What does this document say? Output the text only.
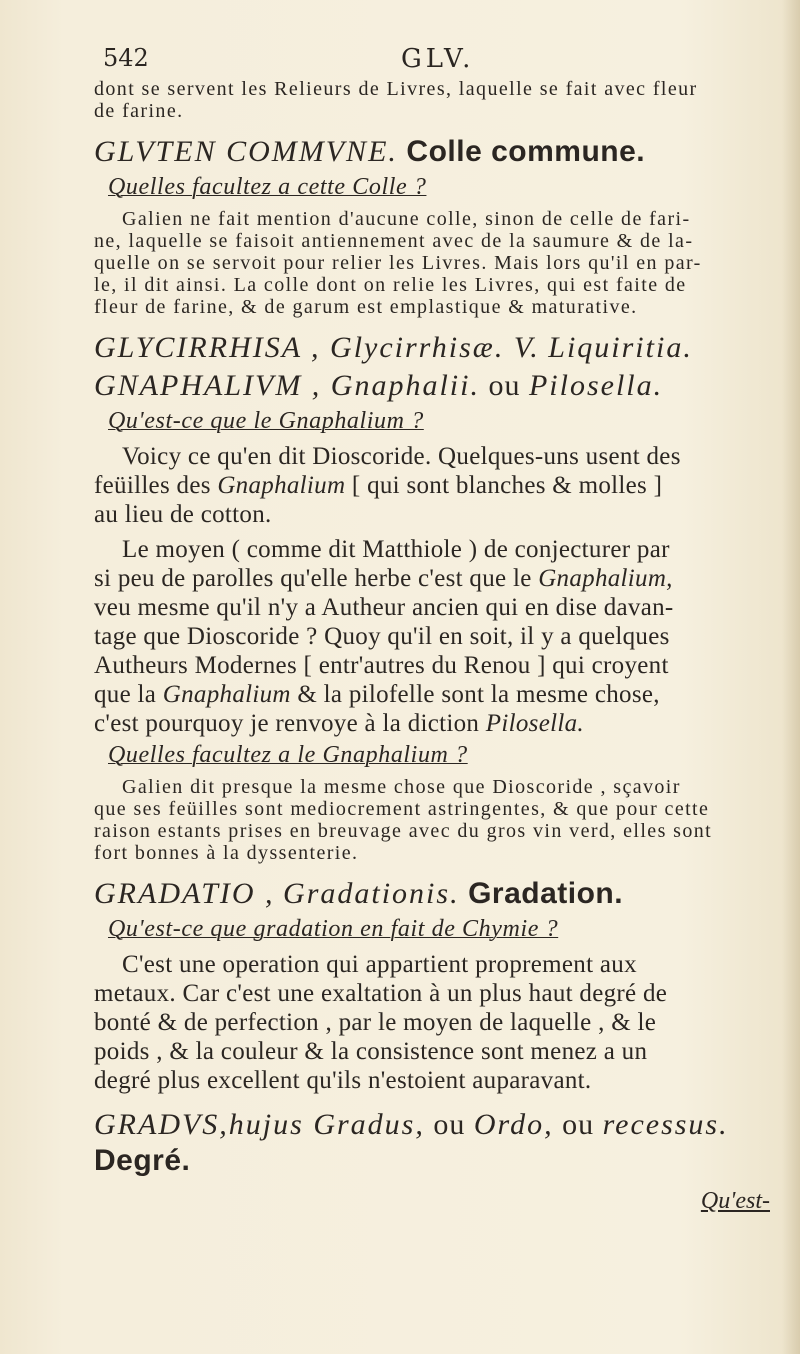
542	GLV.

dont se servent les Relieurs de Livres, laquelle se fait avec fleur

de farine.

GLVTEN COMMVNE. Colle commune.

Quelles facultez a cette Colle ?

Galien ne fait mention d'aucune colle, sinon de celle de fari-

ne, laquelle se faisoit antiennement avec de la saumure & de la-

quelle on se servoit pour relier les Livres. Mais lors qu'il en par-

le, il dit ainsi. La colle dont on relie les Livres, qui est faite de

fleur de farine, & de garum est emplastique & maturative.

GLYCIRRHISA , Glycirrhisæ. V. Liquiritia.

GNAPHALIVM , Gnaphalii. ou Pilosella.

Qu'est-ce que le Gnaphalium ?

Voicy ce qu'en dit Dioscoride. Quelques-uns usent des

feüilles des Gnaphalium [ qui sont blanches & molles ]

au lieu de cotton.

Le moyen ( comme dit Matthiole ) de conjecturer par

si peu de parolles qu'elle herbe c'est que le Gnaphalium,

veu mesme qu'il n'y a Autheur ancien qui en dise davan-

tage que Dioscoride ? Quoy qu'il en soit, il y a quelques

Autheurs Modernes [ entr'autres du Renou ] qui croyent

que la Gnaphalium & la pilofelle sont la mesme chose,

c'est pourquoy je renvoye à la diction Pilosella.

Quelles facultez a le Gnaphalium ?

Galien dit presque la mesme chose que Dioscoride , sçavoir

que ses feüilles sont mediocrement astringentes, & que pour cette

raison estants prises en breuvage avec du gros vin verd, elles sont

fort bonnes à la dyssenterie.

GRADATIO , Gradationis. Gradation.

Qu'est-ce que gradation en fait de Chymie ?

C'est une operation qui appartient proprement aux

metaux. Car c'est une exaltation à un plus haut degré de

bonté & de perfection , par le moyen de laquelle , & le

poids , & la couleur & la consistence sont menez a un

degré plus excellent qu'ils n'estoient auparavant.

GRADVS,hujus Gradus, ou Ordo, ou recessus. Degré.

Qu'est-
